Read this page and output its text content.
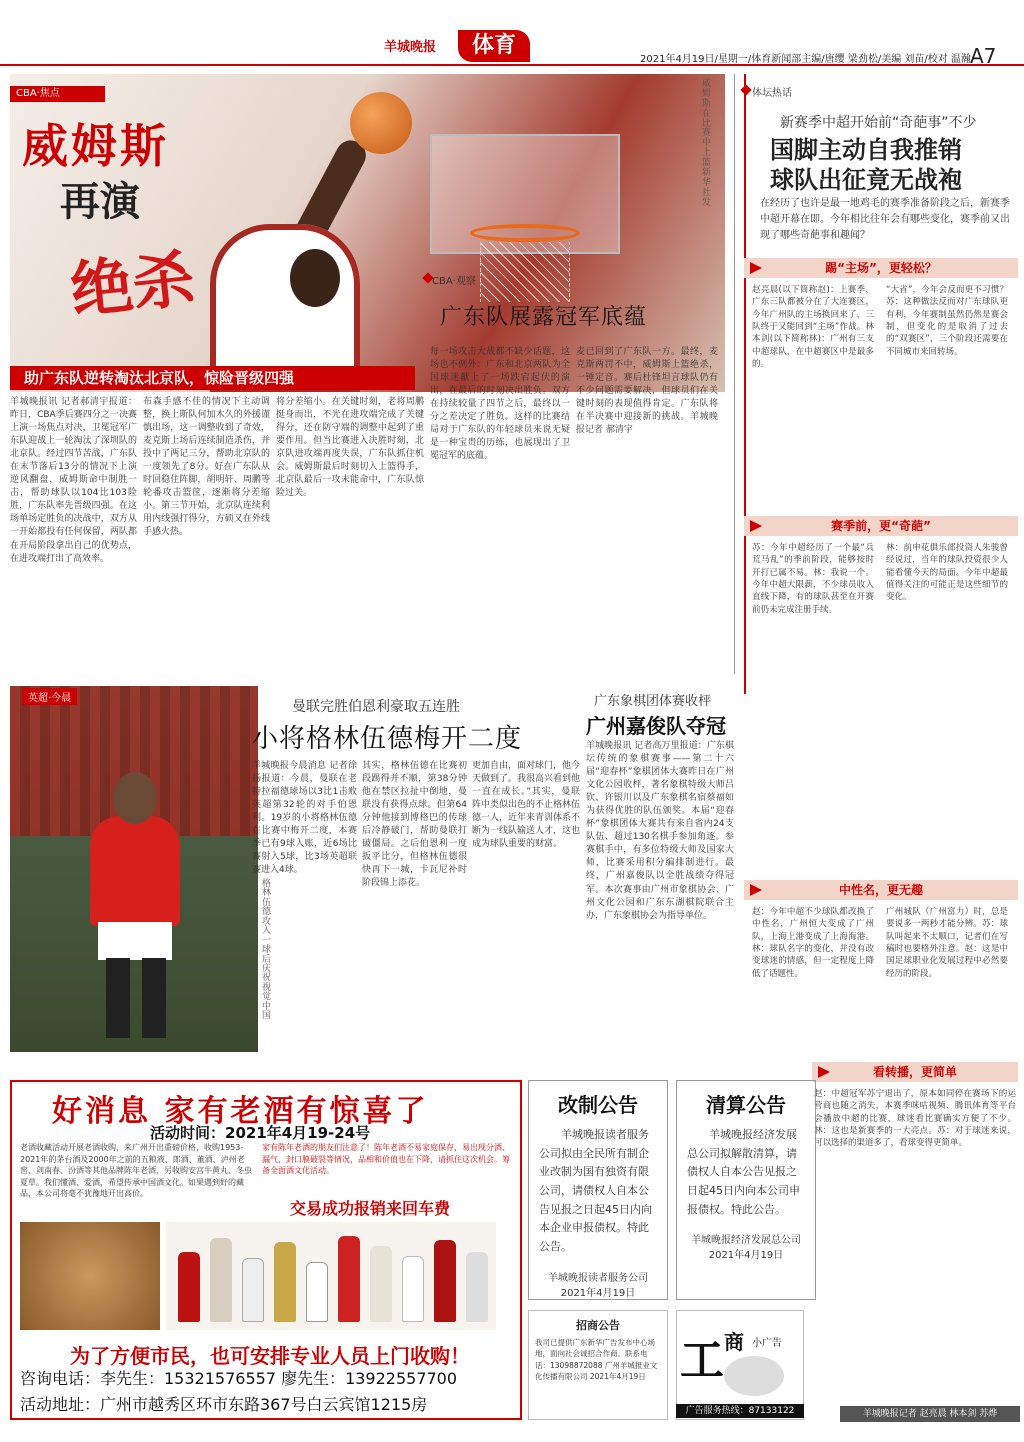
羊城晚报	体育
2021年4月19日/星期一/体育新闻部主编/唐缨 梁劲松/美编 刘苗/校对 温瀚 A7
CBA·焦点
威姆斯
再演
绝杀
威姆斯在比赛中上篮 新华社发
助广东队逆转淘汰北京队，惊险晋级四强
CBA·观察
广东队展露冠军底蕴
羊城晚报讯 记者郝清宇报道：昨日，CBA季后赛四分之一决赛上演一场焦点对决，卫冕冠军广东队迎战上一轮淘汰了深圳队的北京队。经过四节苦战，广东队在末节落后13分的情况下上演逆风翻盘，威姆斯命中制胜一击，帮助球队以104比103险胜，广东队率先晋级四强。在这场单场定胜负的决战中，双方从一开始都投有任何保留，两队都在开局阶段拿出自己的优势点，在进攻端打出了高效率。
布森手感不佳的情况下主动调整，换上斯队何加木久的外援谨慎出场，这一调整收到了奇效，麦克斯上场后连续制造杀伤，并投中了两记三分，帮助北京队的一度领先了8分。好在广东队从时回稳住阵脚，胡明轩、周鹏等轮番攻击篮筐，逐渐将分差缩小。第三节开始，北京队连续利用内线强打得分，方硕又在外线手感火热。
将分差缩小。在关键时刻，老将周鹏挺身而出，不光在进攻端完成了关键得分，还在防守端的调整中起到了重要作用。但当比赛进入决胜时刻，北京队进攻端再度失误，广东队抓住机会。威姆斯最后时刻切入上篮得手，北京队最后一攻未能命中，广东队惊险过关。
每一场攻击大战都不缺少话题，这场也不例外：广东和北京两队为全国球迷献上了一场跌宕起伏的演出，在最后的时刻决出胜负。双方在持续较量了四节之后，最终以一分之差决定了胜负。这样的比赛结局对于广东队的年轻球员来说无疑是一种宝贵的历练，也展现出了卫冕冠军的底蕴。
麦已回到了广东队一方。最终，麦克斯两罚不中，威姆斯上篮绝杀，一锤定音。赛后杜锋坦言球队仍有不少问题需要解决，但球员们在关键时刻的表现值得肯定。广东队将在半决赛中迎接新的挑战。羊城晚报记者 郝清宇
体坛热话
新赛季中超开始前“奇葩事”不少
国脚主动自我推销
球队出征竟无战袍
在经历了也许是最一地鸡毛的赛季准备阶段之后，新赛季中超开幕在即。今年相比往年会有哪些变化，赛季前又出现了哪些奇葩事和趣闻？
踢“主场”，更轻松？
赵亮晨(以下简称赵)：上赛季，广东三队都被分在了大连赛区，今年广州队的主场换回来了，三队终于又能回到“主场”作战。林本剑(以下简称林)：广州有三支中超球队，在中超赛区中是最多的。
“大省”，今年会反而更不习惯？苏：这种做法反而对广东球队更有利，今年赛制虽然仍然是赛会制，但变化的是取消了过去的“双赛区”，三个阶段还需要在不同城市来回转场。
赛季前，更“奇葩”
苏：今年中超经历了一个最“兵荒马乱”的季前阶段，能够按时开打已属不易。林：我说一个。今年中超大限薪，不少球员收入直线下降，有的球队甚至在开赛前仍未完成注册手续。
林：前申花俱乐部投资人朱骏曾经说过，当年的球队投资很少人能看懂今天的局面。今年中超最值得关注的可能正是这些细节的变化。
中性名，更无趣
赵：今年中超不少球队都改换了中性名，广州恒大变成了广州队，上海上港变成了上海海港。林：球队名字的变化，并没有改变球迷的情感，但一定程度上降低了话题性。
广州城队（广州富力）时，总是要说多一两秒才能分辨。苏：球队叫起来不太顺口，记者们在写稿时也要格外注意。赵：这是中国足球职业化发展过程中必然要经历的阶段。
看转播，更简单
赵：中超冠军苏宁退出了，原本如同停在赛场下的运营商也随之消失，本赛季咪咕视频、腾讯体育等平台会播放中超的比赛，球迷看比赛确实方便了不少。林：这也是新赛季的一大亮点。苏：对于球迷来说，可以选择的渠道多了，看球变得更简单。
羊城晚报记者 赵亮晨 林本剑 苏烨
英超·今晨
格林伍德攻入一球后庆祝 视觉中国
曼联完胜伯恩利豪取五连胜
小将格林伍德梅开二度
羊城晚报今晨消息 记者徐扬报道：今晨，曼联在老特拉福德球场以3比1击败英超第32轮的对手伯恩利。19岁的小将格林伍德在比赛中梅开二度，本赛季已有9球入账，近6场比赛射入5球，比3场英超联赛进入4球。
其实，格林伍德在比赛初段踢得并不顺，第38分钟他在禁区拉扯中倒地，曼联没有获得点球。但第64分钟他接到博格巴的传球后冷静破门，帮助曼联打破僵局。之后伯恩利一度扳平比分，但格林伍德很快再下一城，卡瓦尼补时阶段锦上添花。
更加自由，面对球门，他今天做到了。我很高兴看到他一直在成长。”其实，曼联阵中类似出色的不止格林伍德一人，近年来青训体系不断为一线队输送人才，这也成为球队重要的财富。
广东象棋团体赛收枰
广州嘉俊队夺冠
羊城晚报讯 记者高万里报道：广东棋坛传统的象棋赛事——第二十六届“迎春杯”象棋团体大赛昨日在广州文化公园收枰，著名象棋特级大师吕钦、许银川以及广东象棋名宿蔡福如为获得优胜的队伍颁奖。本届“迎春杯”象棋团体大赛共有来自省内24支队伍、超过130名棋手参加角逐。参赛棋手中，有多位特级大师及国家大师，比赛采用积分编排制进行。最终，广州嘉俊队以全胜战绩夺得冠军。本次赛事由广州市象棋协会、广州文化公园和广东东湖棋院联合主办，广东象棋协会为指导单位。
好消息 家有老酒有惊喜了
活动时间：2021年4月19-24号
老酒收藏活动开展老酒收购，来广州开出重磅价格，收购1953-2021年的茅台酒及2000年之前的五粮液、郎酒、董酒、泸州老窖、剑南春、汾酒等其他品牌陈年老酒，另收购安宫牛黄丸、冬虫夏草。我们懂酒、爱酒，希望传承中国酒文化。如果遇到好的藏品，本公司将毫不犹豫地开出高价。
家有陈年老酒的朋友们注意了！陈年老酒不易家庭保存，易出现分酒、漏气、封口膜破裂等情况，品相和价值也在下降，请抓住这次机会。筹备全面酒文化活动。
交易成功报销来回车费
为了方便市民，也可安排专业人员上门收购！
咨询电话：李先生：15321576557 廖先生：13922557700
活动地址：广州市越秀区环市东路367号白云宾馆1215房
改制公告
羊城晚报读者服务公司拟由全民所有制企业改制为国有独资有限公司，请债权人自本公告见报之日起45日内向本企业申报债权。特此公告。
羊城晚报读者服务公司
2021年4月19日
清算公告
羊城晚报经济发展总公司拟解散清算，请债权人自本公告见报之日起45日内向本公司申报债权。特此公告。
羊城晚报经济发展总公司
2021年4月19日
招商公告
我司已提供广东新华广告发布中心场地，面向社会诚招合作商。联系电话：13098872088 广州羊城报业文化传播有限公司 2021年4月19日 工 商 小广告
广告服务热线：87133122
